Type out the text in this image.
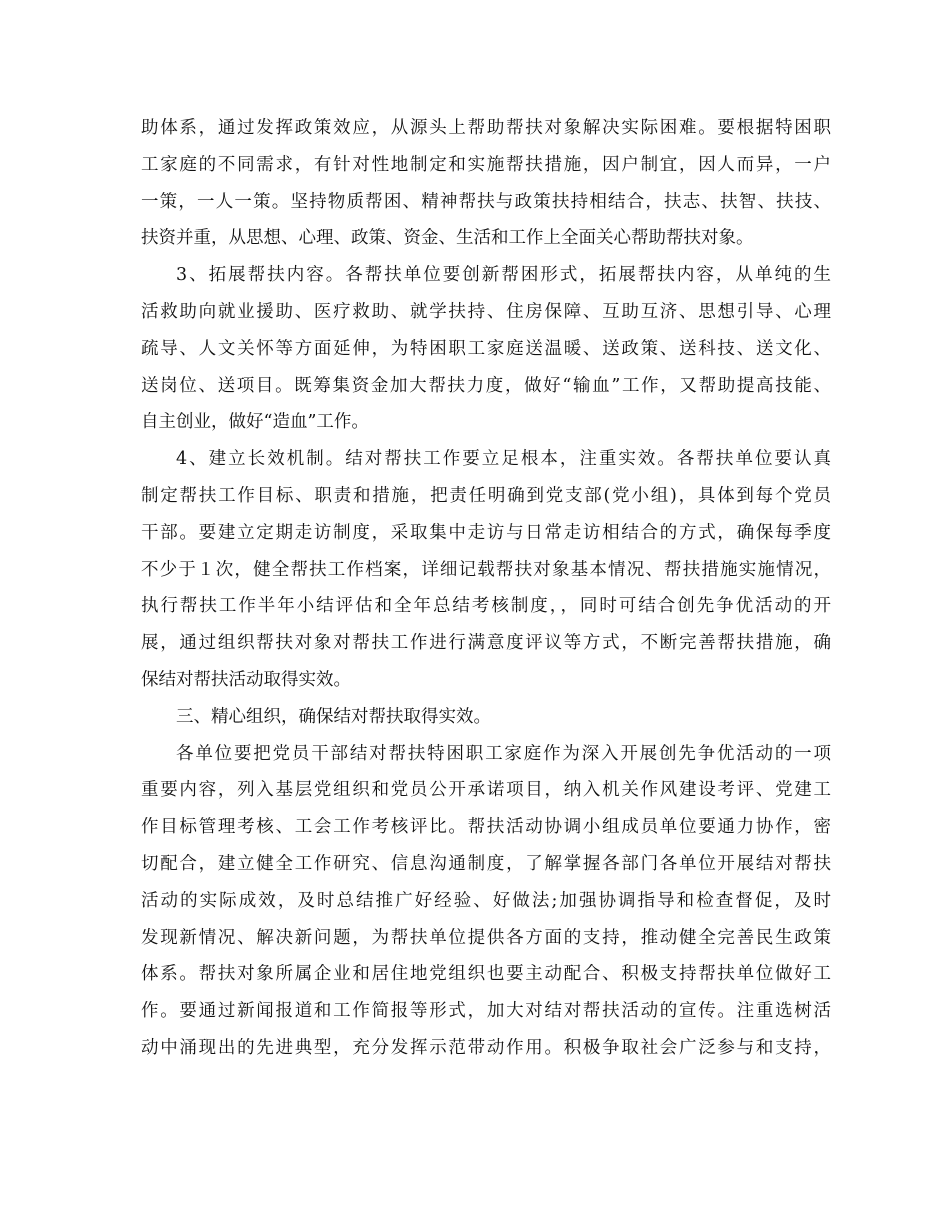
助体系，通过发挥政策效应，从源头上帮助帮扶对象解决实际困难。要根据特困职
工家庭的不同需求，有针对性地制定和实施帮扶措施，因户制宜，因人而异，一户
一策，一人一策。坚持物质帮困、精神帮扶与政策扶持相结合，扶志、扶智、扶技、
扶资并重，从思想、心理、政策、资金、生活和工作上全面关心帮助帮扶对象。
3、拓展帮扶内容。各帮扶单位要创新帮困形式，拓展帮扶内容，从单纯的生
活救助向就业援助、医疗救助、就学扶持、住房保障、互助互济、思想引导、心理
疏导、人文关怀等方面延伸，为特困职工家庭送温暖、送政策、送科技、送文化、
送岗位、送项目。既筹集资金加大帮扶力度，做好“输血”工作，又帮助提高技能、
自主创业，做好“造血”工作。
4、建立长效机制。结对帮扶工作要立足根本，注重实效。各帮扶单位要认真
制定帮扶工作目标、职责和措施，把责任明确到党支部(党小组)，具体到每个党员
干部。要建立定期走访制度，采取集中走访与日常走访相结合的方式，确保每季度
不少于１次，健全帮扶工作档案，详细记载帮扶对象基本情况、帮扶措施实施情况，
执行帮扶工作半年小结评估和全年总结考核制度，，同时可结合创先争优活动的开
展，通过组织帮扶对象对帮扶工作进行满意度评议等方式，不断完善帮扶措施，确
保结对帮扶活动取得实效。
三、精心组织，确保结对帮扶取得实效。
各单位要把党员干部结对帮扶特困职工家庭作为深入开展创先争优活动的一项
重要内容，列入基层党组织和党员公开承诺项目，纳入机关作风建设考评、党建工
作目标管理考核、工会工作考核评比。帮扶活动协调小组成员单位要通力协作，密
切配合，建立健全工作研究、信息沟通制度，了解掌握各部门各单位开展结对帮扶
活动的实际成效，及时总结推广好经验、好做法;加强协调指导和检查督促，及时
发现新情况、解决新问题，为帮扶单位提供各方面的支持，推动健全完善民生政策
体系。帮扶对象所属企业和居住地党组织也要主动配合、积极支持帮扶单位做好工
作。要通过新闻报道和工作简报等形式，加大对结对帮扶活动的宣传。注重选树活
动中涌现出的先进典型，充分发挥示范带动作用。积极争取社会广泛参与和支持，
